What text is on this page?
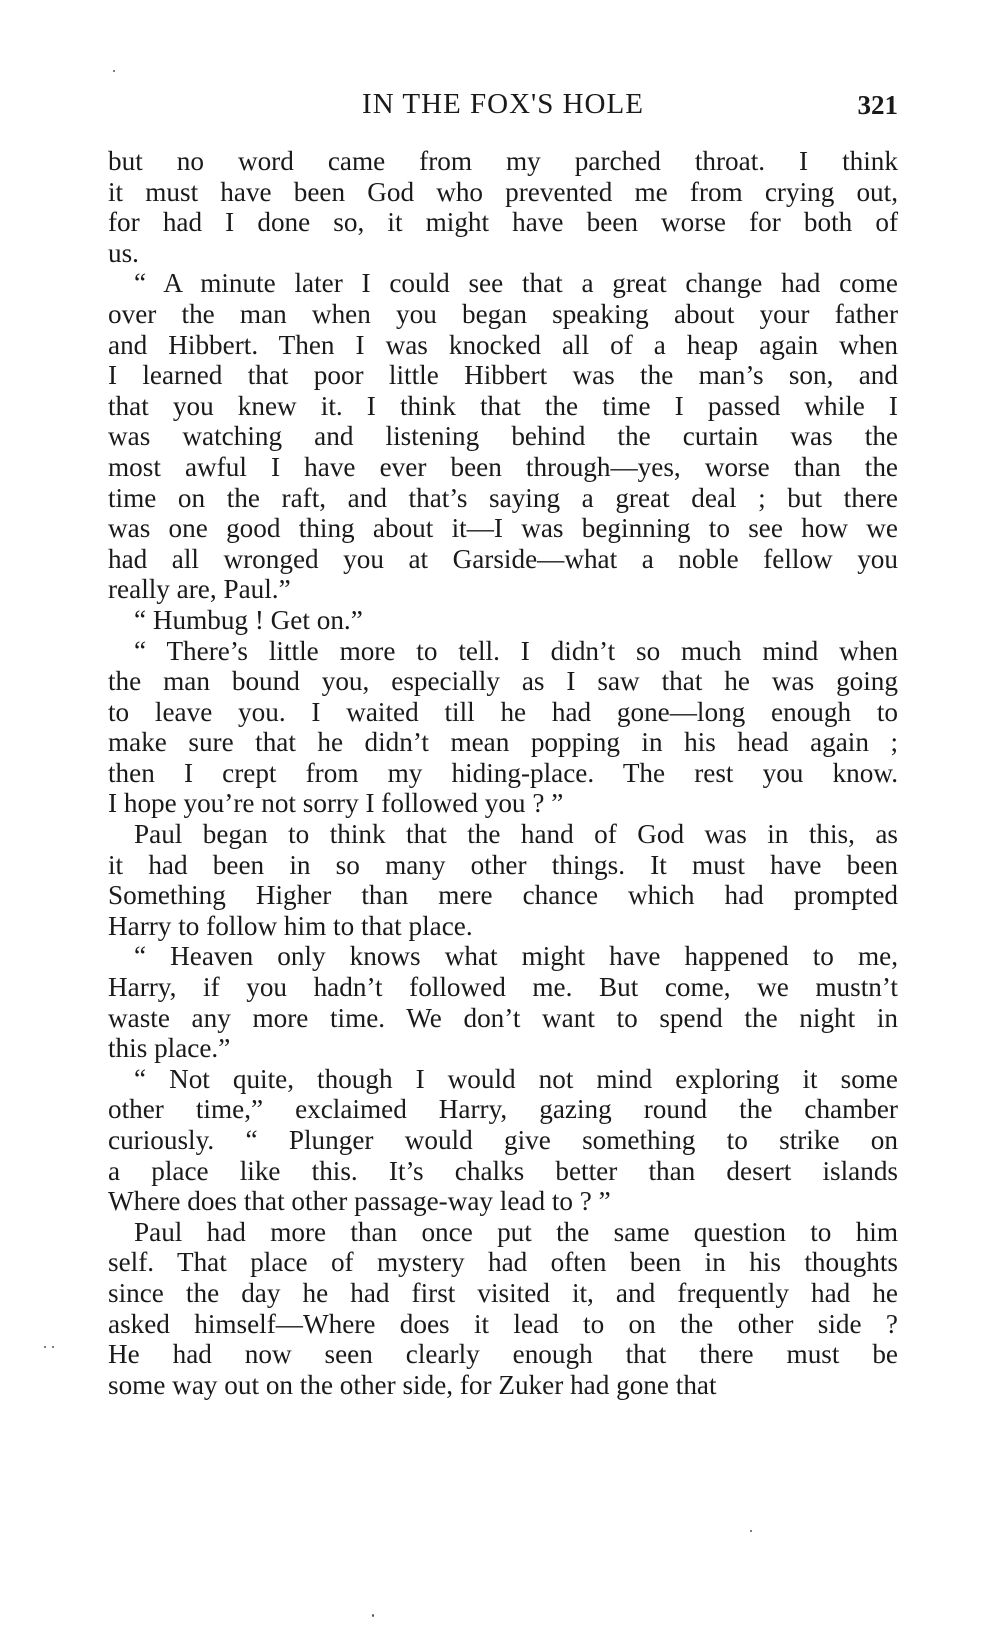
IN THE FOX'S HOLE	321
but no word came from my parched throat. I think
it must have been God who prevented me from crying out,
for had I done so, it might have been worse for both of
us.
“ A minute later I could see that a great change had come
over the man when you began speaking about your father
and Hibbert. Then I was knocked all of a heap again when
I learned that poor little Hibbert was the man’s son, and
that you knew it. I think that the time I passed while I
was watching and listening behind the curtain was the
most awful I have ever been through—yes, worse than the
time on the raft, and that’s saying a great deal ; but there
was one good thing about it—I was beginning to see how we
had all wronged you at Garside—what a noble fellow you
really are, Paul.”
“ Humbug ! Get on.”
“ There’s little more to tell. I didn’t so much mind when
the man bound you, especially as I saw that he was going
to leave you. I waited till he had gone—long enough to
make sure that he didn’t mean popping in his head again ;
then I crept from my hiding-place. The rest you know.
I hope you’re not sorry I followed you ? ”
Paul began to think that the hand of God was in this, as
it had been in so many other things. It must have been
Something Higher than mere chance which had prompted
Harry to follow him to that place.
“ Heaven only knows what might have happened to me,
Harry, if you hadn’t followed me. But come, we mustn’t
waste any more time. We don’t want to spend the night in
this place.”
“ Not quite, though I would not mind exploring it some
other time,” exclaimed Harry, gazing round the chamber
curiously. “ Plunger would give something to strike on
a place like this. It’s chalks better than desert islands
Where does that other passage-way lead to ? ”
Paul had more than once put the same question to him
self. That place of mystery had often been in his thoughts
since the day he had first visited it, and frequently had he
asked himself—Where does it lead to on the other side ?
He had now seen clearly enough that there must be
some way out on the other side, for Zuker had gone that
